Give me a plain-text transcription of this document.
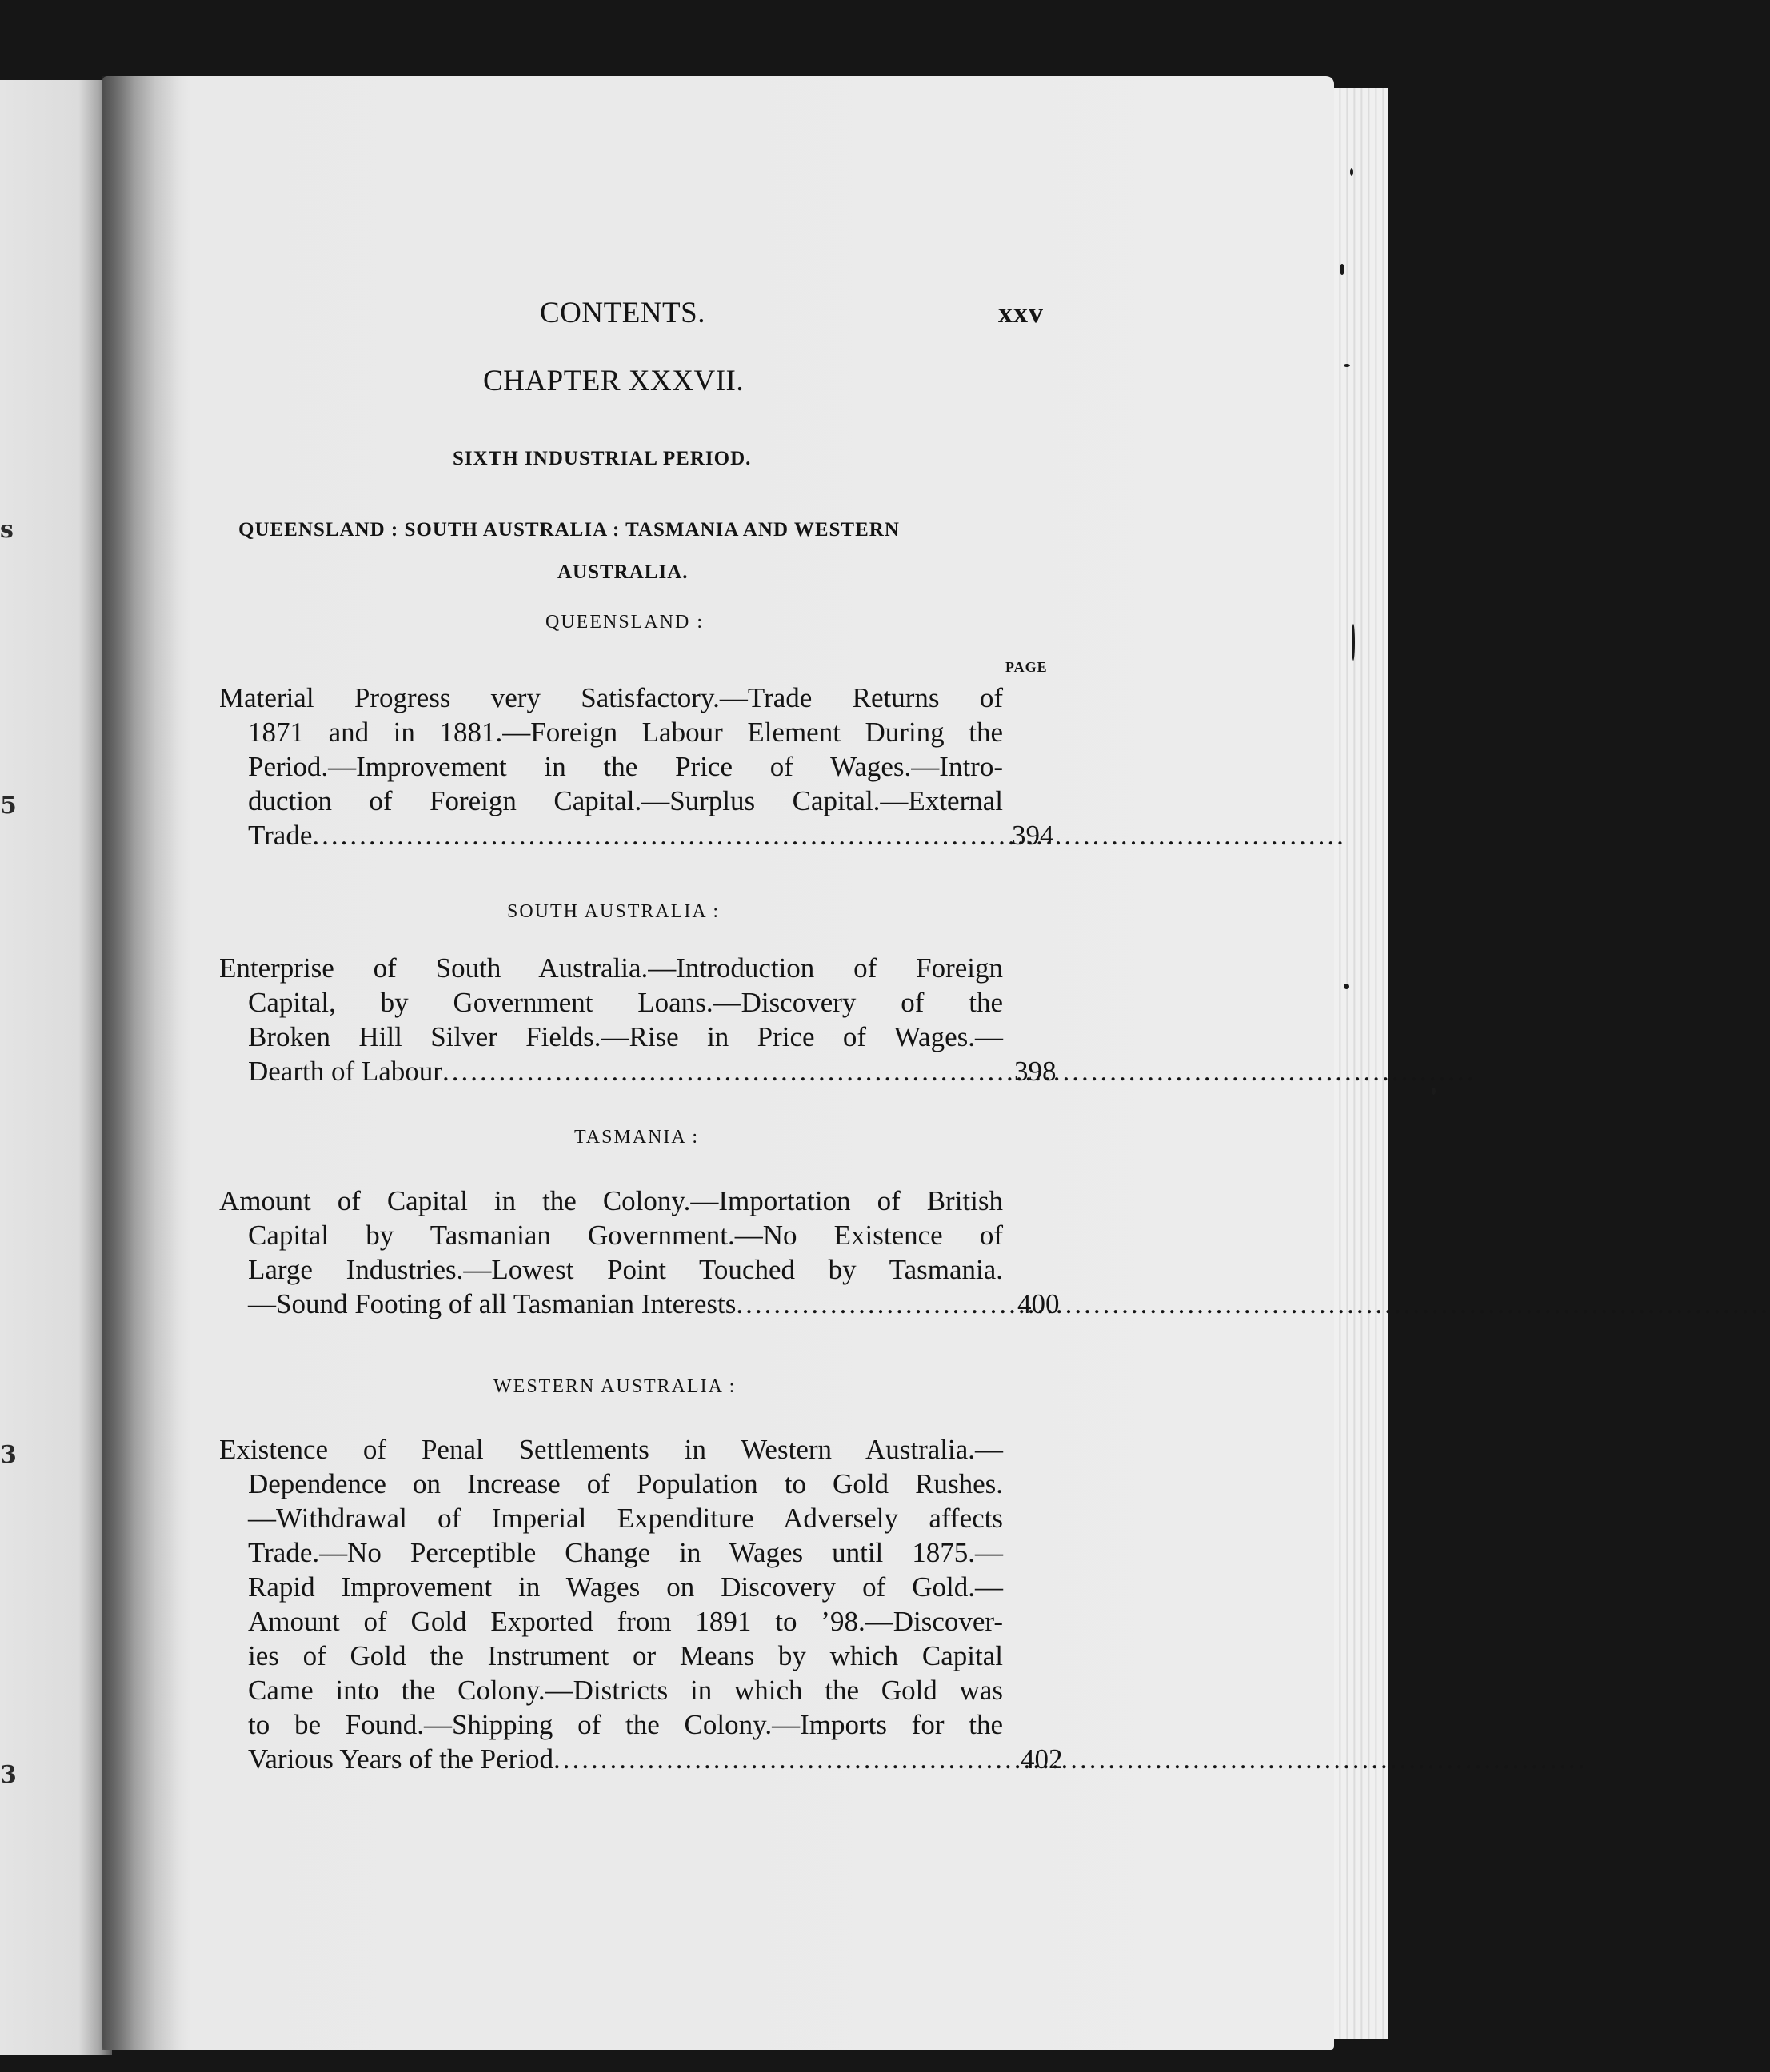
s
5
3
3
CONTENTS.	xxv
CHAPTER XXXVII.
SIXTH INDUSTRIAL PERIOD.
QUEENSLAND : SOUTH AUSTRALIA : TASMANIA AND WESTERN
AUSTRALIA.
QUEENSLAND :
PAGE
Material Progress very Satisfactory.—Trade Returns of
1871 and in 1881.—Foreign Labour Element During the
Period.—Improvement in the Price of Wages.—Intro-
duction of Foreign Capital.—Surplus Capital.—External
Trade .....	394
SOUTH AUSTRALIA :
Enterprise of South Australia.—Introduction of Foreign
Capital, by Government Loans.—Discovery of the
Broken Hill Silver Fields.—Rise in Price of Wages.—
Dearth of Labour .....	398
TASMANIA :
Amount of Capital in the Colony.—Importation of British
Capital by Tasmanian Government.—No Existence of
Large Industries.—Lowest Point Touched by Tasmania.
—Sound Footing of all Tasmanian Interests .....	400
WESTERN AUSTRALIA :
Existence of Penal Settlements in Western Australia.—
Dependence on Increase of Population to Gold Rushes.
—Withdrawal of Imperial Expenditure Adversely affects
Trade.—No Perceptible Change in Wages until 1875.—
Rapid Improvement in Wages on Discovery of Gold.—
Amount of Gold Exported from 1891 to ’98.—Discover-
ies of Gold the Instrument or Means by which Capital
Came into the Colony.—Districts in which the Gold was
to be Found.—Shipping of the Colony.—Imports for the
Various Years of the Period .....	402
